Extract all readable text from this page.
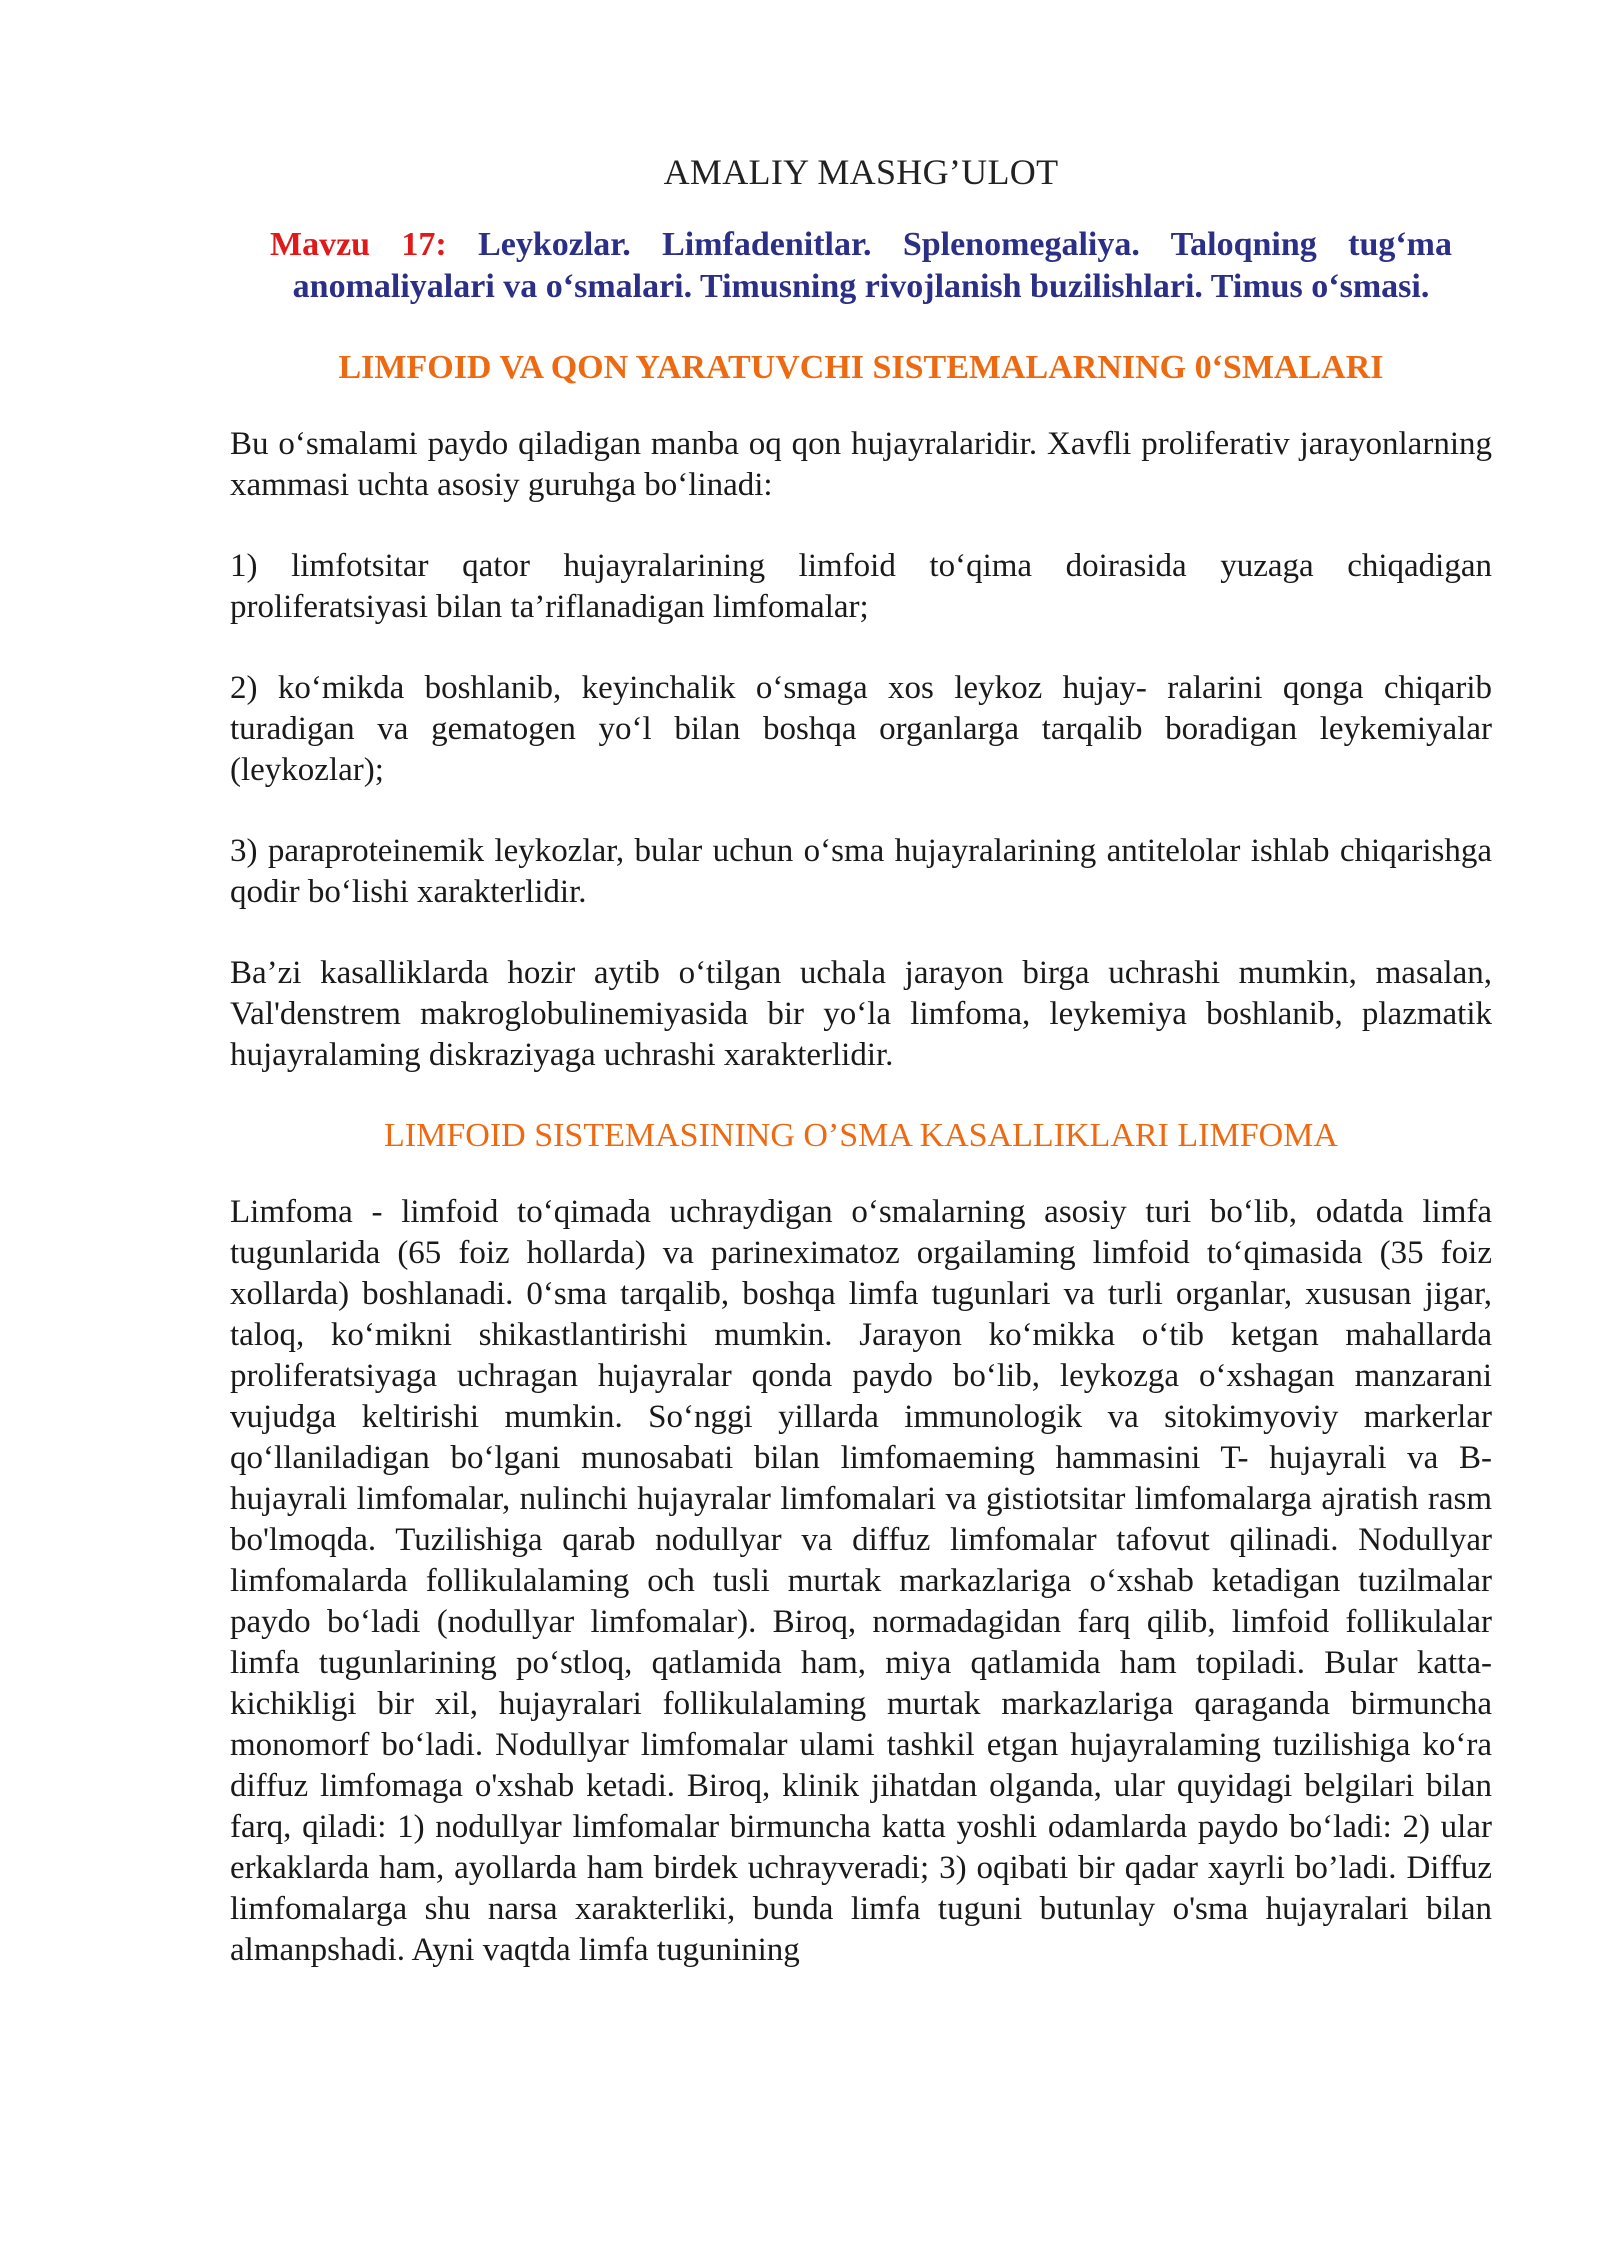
AMALIY MASHG’ULOT
Mavzu 17: Leykozlar. Limfadenitlar. Splenomegaliya. Taloqning tug‘ma anomaliyalari va o‘smalari. Timusning rivojlanish buzilishlari. Timus o‘smasi.
LIMFOID VA QON YARATUVCHI SISTEMALARNING 0‘SMALARI

Bu o‘smalami paydo qiladigan manba oq qon hujayralaridir. Xavfli proliferativ jarayonlarning xammasi uchta asosiy guruhga bo‘linadi:

1) limfotsitar qator hujayralarining limfoid to‘qima doirasida yuzaga chiqadigan proliferatsiyasi bilan ta’riflanadigan limfomalar;

2) ko‘mikda boshlanib, keyinchalik o‘smaga xos leykoz hujay- ralarini qonga chiqarib turadigan va gematogen yo‘l bilan boshqa organlarga tarqalib boradigan leykemiyalar (leykozlar);

3) paraproteinemik leykozlar, bular uchun o‘sma hujayralarining antitelolar ishlab chiqarishga qodir bo‘lishi xarakterlidir.

Ba’zi kasalliklarda hozir aytib o‘tilgan uchala jarayon birga uchrashi mumkin, masalan, Val'denstrem makroglobulinemiyasida bir yo‘la limfoma, leykemiya boshlanib, plazmatik hujayralaming diskraziyaga uchrashi xarakterlidir.

LIMFOID SISTEMASINING O’SMA KASALLIKLARI LIMFOMA

Limfoma - limfoid to‘qimada uchraydigan o‘smalarning asosiy turi bo‘lib, odatda limfa tugunlarida (65 foiz hollarda) va parineximatoz orgailaming limfoid to‘qimasida (35 foiz xollarda) boshlanadi. 0‘sma tarqalib, boshqa limfa tugunlari va turli organlar, xususan jigar, taloq, ko‘mikni shikastlantirishi mumkin. Jarayon ko‘mikka o‘tib ketgan mahallarda proliferatsiyaga uchragan hujayralar qonda paydo bo‘lib, leykozga o‘xshagan manzarani vujudga keltirishi mumkin. So‘nggi yillarda immunologik va sitokimyoviy markerlar qo‘llaniladigan bo‘lgani munosabati bilan limfomaeming hammasini T- hujayrali va B-hujayrali limfomalar, nulinchi hujayralar limfomalari va gistiotsitar limfomalarga ajratish rasm bo'lmoqda. Tuzilishiga qarab nodullyar va diffuz limfomalar tafovut qilinadi. Nodullyar limfomalarda follikulalaming och tusli murtak markazlariga o‘xshab ketadigan tuzilmalar paydo bo‘ladi (nodullyar limfomalar). Biroq, normadagidan farq qilib, limfoid follikulalar limfa tugunlarining po‘stloq, qatlamida ham, miya qatlamida ham topiladi. Bular katta-kichikligi bir xil, hujayralari follikulalaming murtak markazlariga qaraganda birmuncha monomorf bo‘ladi. Nodullyar limfomalar ulami tashkil etgan hujayralaming tuzilishiga ko‘ra diffuz limfomaga o'xshab ketadi. Biroq, klinik jihatdan olganda, ular quyidagi belgilari bilan farq, qiladi: 1) nodullyar limfomalar birmuncha katta yoshli odamlarda paydo bo‘ladi: 2) ular erkaklarda ham, ayollarda ham birdek uchrayveradi; 3) oqibati bir qadar xayrli bo’ladi. Diffuz limfomalarga shu narsa xarakterliki, bunda limfa tuguni butunlay o'sma hujayralari bilan almanpshadi. Ayni vaqtda limfa tugunining
